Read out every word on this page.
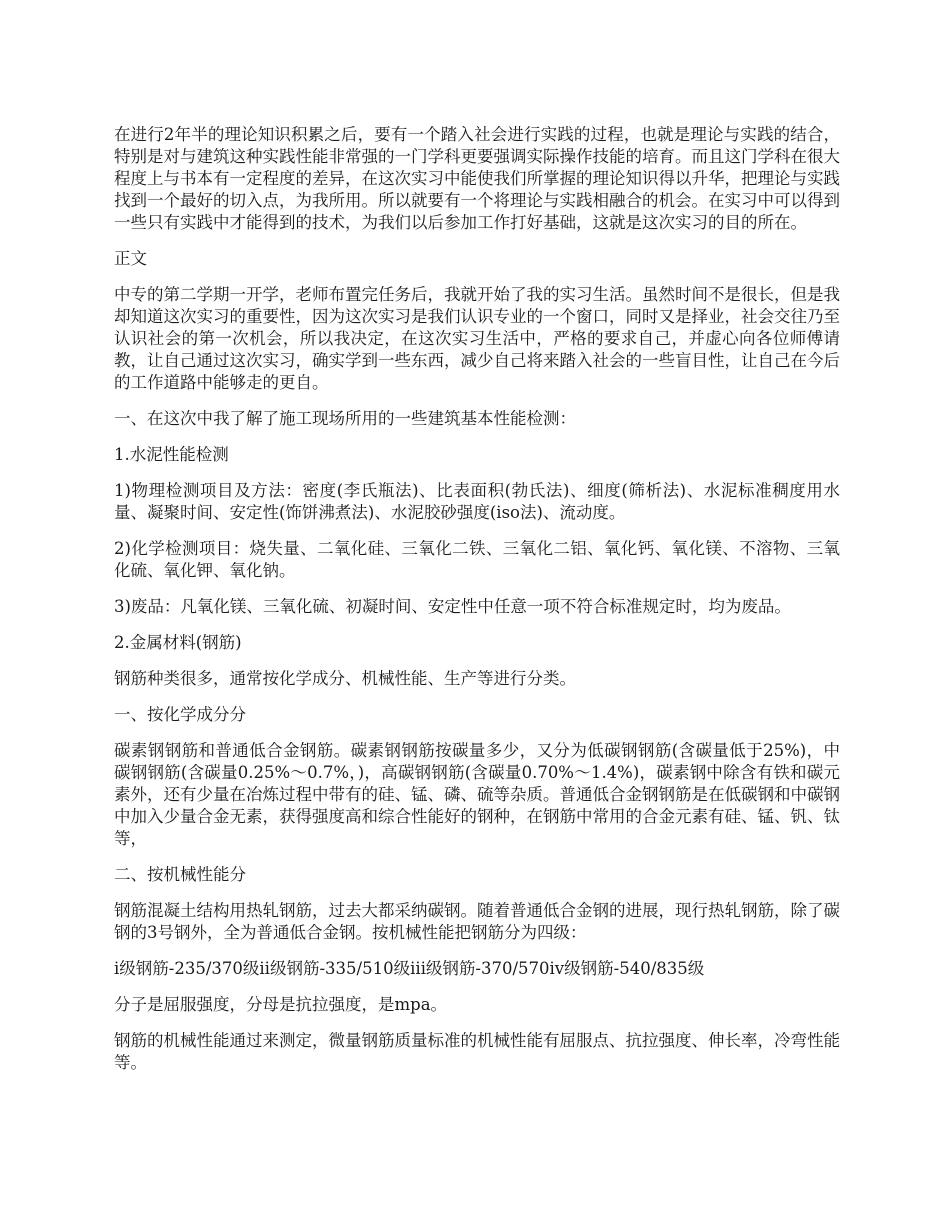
在进行2年半的理论知识积累之后，要有一个踏入社会进行实践的过程，也就是理论与实践的结合，特别是对与建筑这种实践性能非常强的一门学科更要强调实际操作技能的培育。而且这门学科在很大程度上与书本有一定程度的差异，在这次实习中能使我们所掌握的理论知识得以升华，把理论与实践找到一个最好的切入点，为我所用。所以就要有一个将理论与实践相融合的机会。在实习中可以得到一些只有实践中才能得到的技术，为我们以后参加工作打好基础，这就是这次实习的目的所在。

正文

中专的第二学期一开学，老师布置完任务后，我就开始了我的实习生活。虽然时间不是很长，但是我却知道这次实习的重要性，因为这次实习是我们认识专业的一个窗口，同时又是择业，社会交往乃至认识社会的第一次机会，所以我决定，在这次实习生活中，严格的要求自己，并虚心向各位师傅请教，让自己通过这次实习，确实学到一些东西，减少自己将来踏入社会的一些盲目性，让自己在今后的工作道路中能够走的更自。

一、在这次中我了解了施工现场所用的一些建筑基本性能检测：

1.水泥性能检测

1)物理检测项目及方法：密度(李氏瓶法)、比表面积(勃氏法)、细度(筛析法)、水泥标准稠度用水量、凝聚时间、安定性(饰饼沸煮法)、水泥胶砂强度(iso法)、流动度。

2)化学检测项目：烧失量、二氧化硅、三氧化二铁、三氧化二铝、氧化钙、氧化镁、不溶物、三氧化硫、氧化钾、氧化钠。

3)废品：凡氧化镁、三氧化硫、初凝时间、安定性中任意一项不符合标准规定时，均为废品。

2.金属材料(钢筋)

钢筋种类很多，通常按化学成分、机械性能、生产等进行分类。

一、按化学成分分

碳素钢钢筋和普通低合金钢筋。碳素钢钢筋按碳量多少，又分为低碳钢钢筋(含碳量低于25%)，中碳钢钢筋(含碳量0.25%～0.7%，)，高碳钢钢筋(含碳量0.70%～1.4%)，碳素钢中除含有铁和碳元素外，还有少量在冶炼过程中带有的硅、锰、磷、硫等杂质。普通低合金钢钢筋是在低碳钢和中碳钢中加入少量合金无素，获得强度高和综合性能好的钢种，在钢筋中常用的合金元素有硅、锰、钒、钛等，

二、按机械性能分

钢筋混凝土结构用热轧钢筋，过去大都采纳碳钢。随着普通低合金钢的进展，现行热轧钢筋，除了碳钢的3号钢外，全为普通低合金钢。按机械性能把钢筋分为四级：

ⅰ级钢筋-235/370级ⅱ级钢筋-335/510级ⅲ级钢筋-370/570ⅳ级钢筋-540/835级

分子是屈服强度，分母是抗拉强度，是mpa。

钢筋的机械性能通过来测定，微量钢筋质量标准的机械性能有屈服点、抗拉强度、伸长率，冷弯性能等。
